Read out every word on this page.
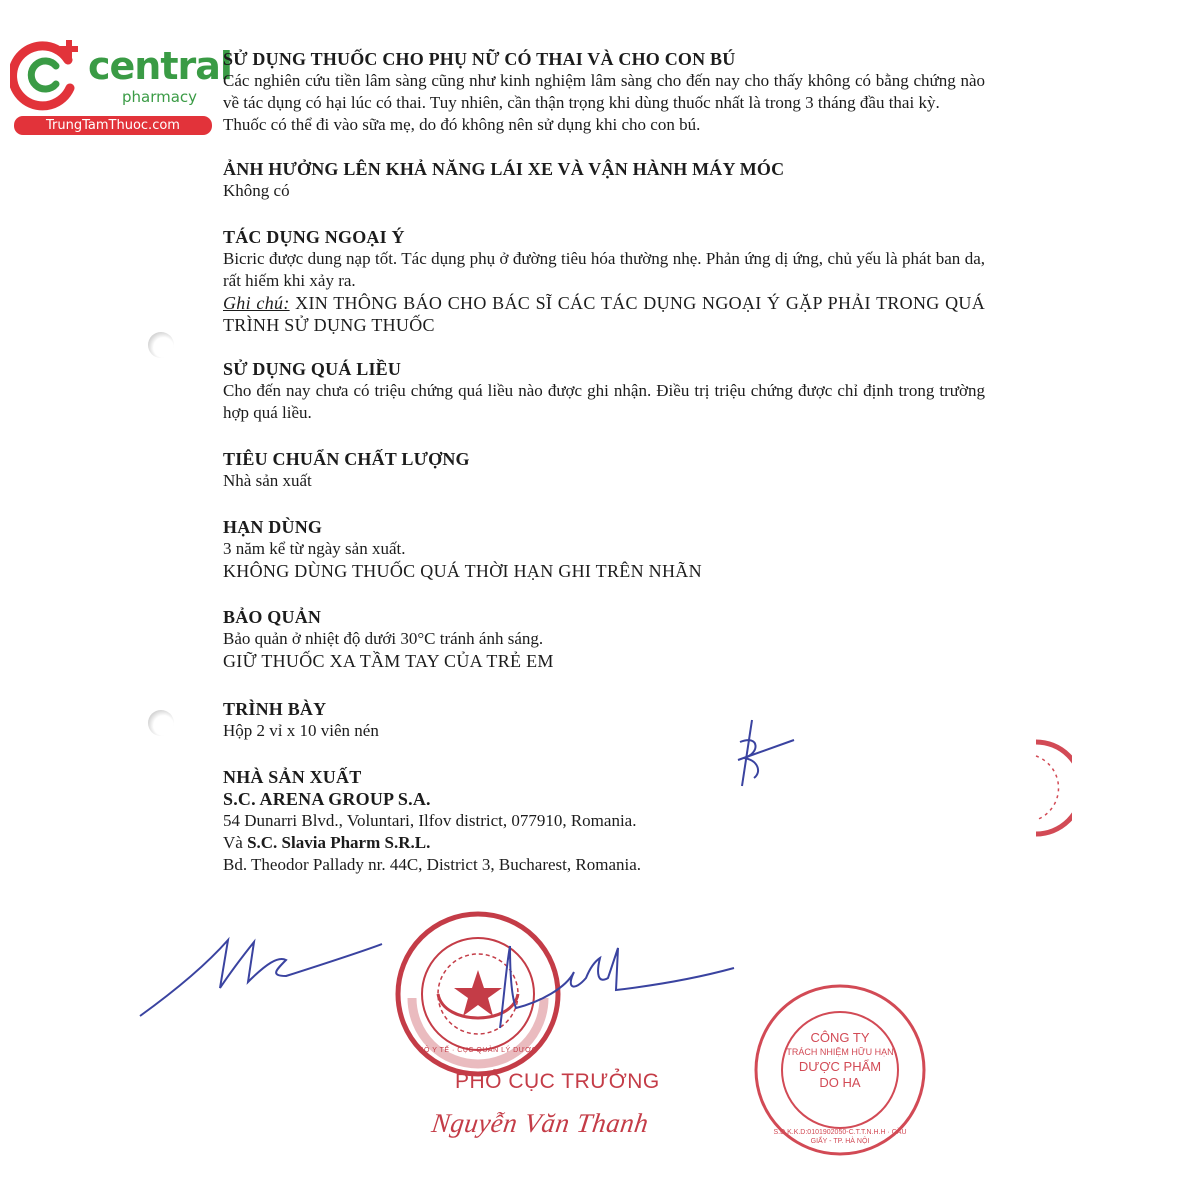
central
pharmacy
TrungTamThuoc.com
SỬ DỤNG THUỐC CHO PHỤ NỮ CÓ THAI VÀ CHO CON BÚ
Các nghiên cứu tiền lâm sàng cũng như kinh nghiệm lâm sàng cho đến nay cho thấy không có bằng chứng nào về tác dụng có hại lúc có thai. Tuy nhiên, cần thận trọng khi dùng thuốc nhất là trong 3 tháng đầu thai kỳ.
Thuốc có thể đi vào sữa mẹ, do đó không nên sử dụng khi cho con bú.
ẢNH HƯỞNG LÊN KHẢ NĂNG LÁI XE VÀ VẬN HÀNH MÁY MÓC
Không có
TÁC DỤNG NGOẠI Ý
Bicric được dung nạp tốt. Tác dụng phụ ở đường tiêu hóa thường nhẹ. Phản ứng dị ứng, chủ yếu là phát ban da, rất hiếm khi xảy ra.
Ghi chú: XIN THÔNG BÁO CHO BÁC SĨ CÁC TÁC DỤNG NGOẠI Ý GẶP PHẢI TRONG QUÁ TRÌNH SỬ DỤNG THUỐC
SỬ DỤNG QUÁ LIỀU
Cho đến nay chưa có triệu chứng quá liều nào được ghi nhận. Điều trị triệu chứng được chỉ định trong trường hợp quá liều.
TIÊU CHUẨN CHẤT LƯỢNG
Nhà sản xuất
HẠN DÙNG
3 năm kể từ ngày sản xuất.
KHÔNG DÙNG THUỐC QUÁ THỜI HẠN GHI TRÊN NHÃN
BẢO QUẢN
Bảo quản ở nhiệt độ dưới 30°C tránh ánh sáng.
GIỮ THUỐC XA TẦM TAY CỦA TRẺ EM
TRÌNH BÀY
Hộp 2 vỉ x 10 viên nén
NHÀ SẢN XUẤT
S.C. ARENA GROUP S.A.
54 Dunarri Blvd., Voluntari, Ilfov district, 077910, Romania.
Và S.C. Slavia Pharm S.R.L.
Bd. Theodor Pallady nr. 44C, District 3, Bucharest, Romania.
BỘ Y TẾ · CỤC QUẢN LÝ DƯỢC
PHÓ CỤC TRƯỞNG
Nguyễn Văn Thanh	S.Đ.K.K.D:0101902050-C.T.T.N.H.H · CẦU GIẤY - TP. HÀ NỘI
CÔNG TY
TRÁCH NHIỆM HỮU HẠN
DƯỢC PHẨM
DO HA
